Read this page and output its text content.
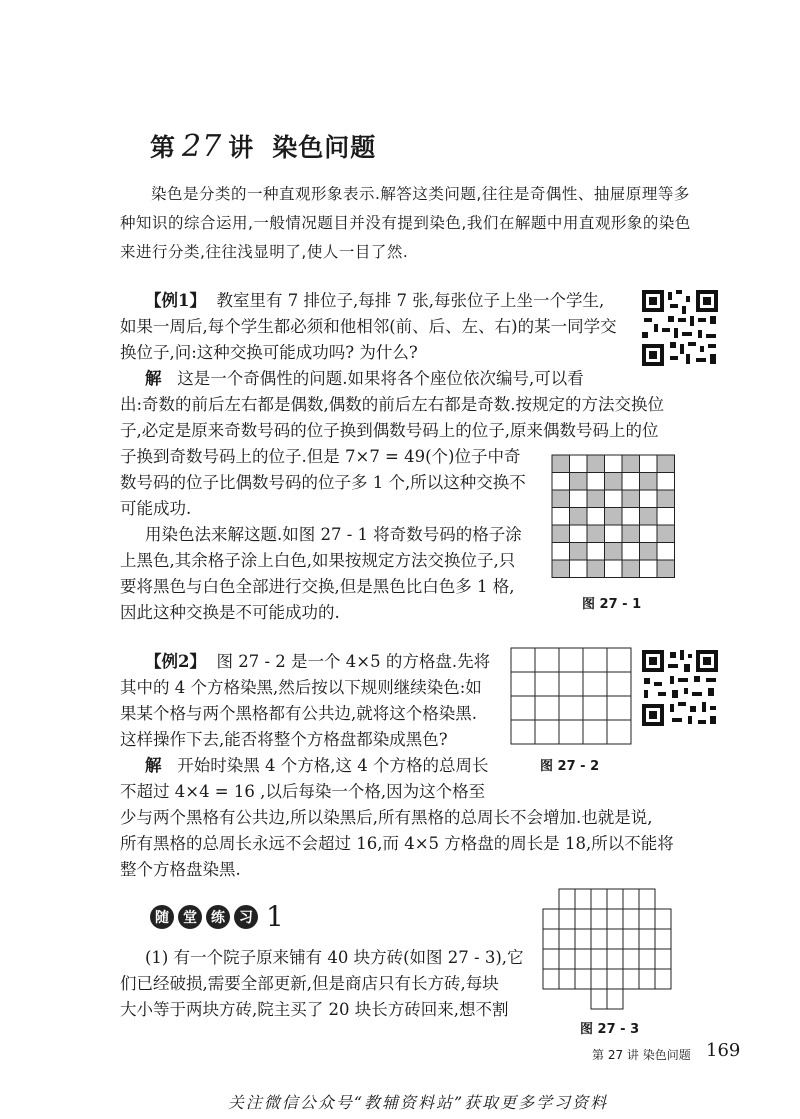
第 27 讲 染色问题
染色是分类的一种直观形象表示.解答这类问题,往往是奇偶性、抽屉原理等多种知识的综合运用,一般情况题目并没有提到染色,我们在解题中用直观形象的染色来进行分类,往往浅显明了,使人一目了然.
【例1】 教室里有 7 排位子,每排 7 张,每张位子上坐一个学生,
如果一周后,每个学生都必须和他相邻(前、后、左、右)的某一同学交
换位子,问:这种交换可能成功吗? 为什么?
解 这是一个奇偶性的问题.如果将各个座位依次编号,可以看
出:奇数的前后左右都是偶数,偶数的前后左右都是奇数.按规定的方法交换位
子,必定是原来奇数号码的位子换到偶数号码上的位子,原来偶数号码上的位
子换到奇数号码上的位子.但是 7×7 = 49(个)位子中奇
数号码的位子比偶数号码的位子多 1 个,所以这种交换不
可能成功.
用染色法来解这题.如图 27 - 1 将奇数号码的格子涂
上黑色,其余格子涂上白色,如果按规定方法交换位子,只
要将黑色与白色全部进行交换,但是黑色比白色多 1 格,
因此这种交换是不可能成功的.	图 27 - 1
【例2】 图 27 - 2 是一个 4×5 的方格盘.先将
其中的 4 个方格染黑,然后按以下规则继续染色:如
果某个格与两个黑格都有公共边,就将这个格染黑.
这样操作下去,能否将整个方格盘都染成黑色?
解 开始时染黑 4 个方格,这 4 个方格的总周长
不超过 4×4 = 16 ,以后每染一个格,因为这个格至
少与两个黑格有公共边,所以染黑后,所有黑格的总周长不会增加.也就是说,
所有黑格的总周长永远不会超过 16,而 4×5 方格盘的周长是 18,所以不能将
整个方格盘染黑.
图 27 - 2
随	堂	练	习 1
(1) 有一个院子原来铺有 40 块方砖(如图 27 - 3),它
们已经破损,需要全部更新,但是商店只有长方砖,每块
大小等于两块方砖,院主买了 20 块长方砖回来,想不割
图 27 - 3
第 27 讲 染色问题 169
关注微信公众号“教辅资料站”获取更多学习资料
